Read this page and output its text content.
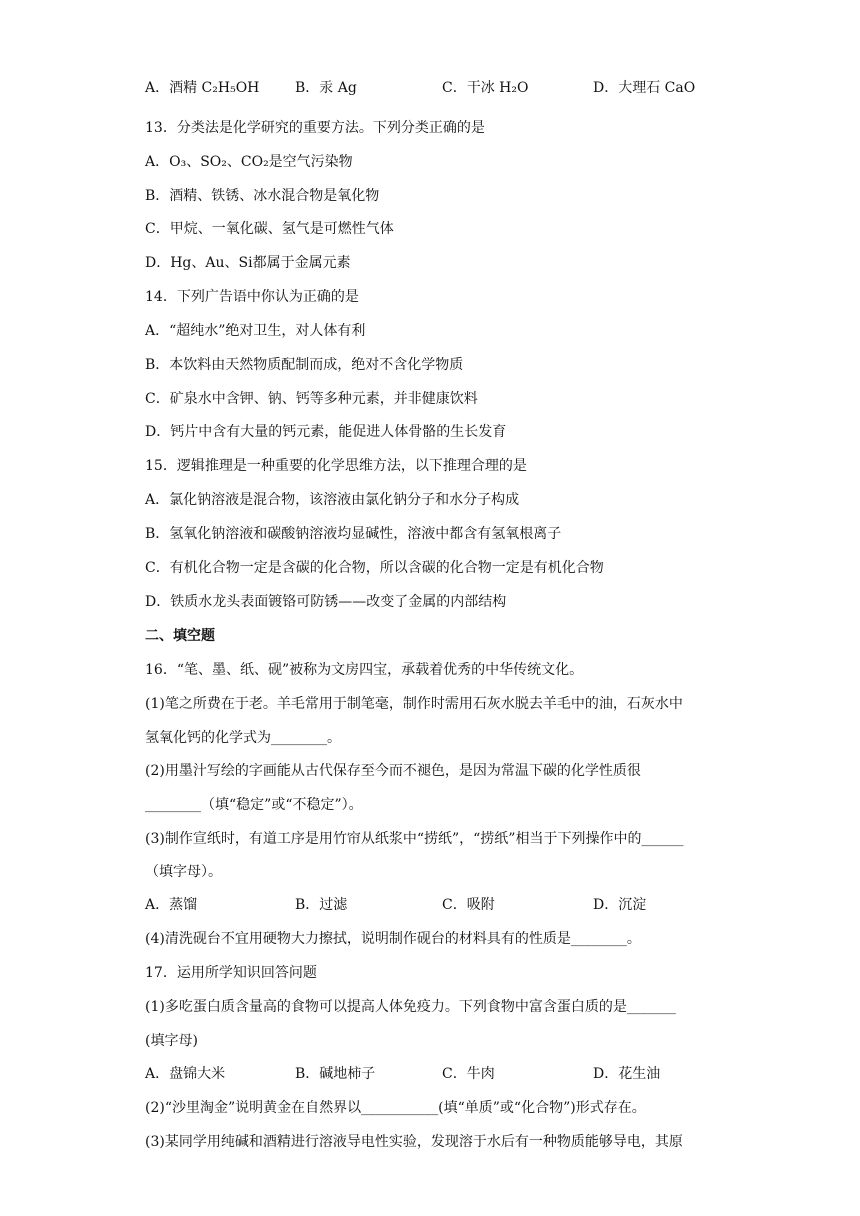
A．酒精 C₂H₅OH	B．汞 Ag	C．干冰 H₂O	D．大理石 CaO
13．分类法是化学研究的重要方法。下列分类正确的是
A．O₃、SO₂、CO₂是空气污染物
B．酒精、铁锈、冰水混合物是氧化物
C．甲烷、一氧化碳、氢气是可燃性气体
D．Hg、Au、Si都属于金属元素
14．下列广告语中你认为正确的是
A．“超纯水”绝对卫生，对人体有利
B．本饮料由天然物质配制而成，绝对不含化学物质
C．矿泉水中含钾、钠、钙等多种元素，并非健康饮料
D．钙片中含有大量的钙元素，能促进人体骨骼的生长发育
15．逻辑推理是一种重要的化学思维方法，以下推理合理的是
A．氯化钠溶液是混合物，该溶液由氯化钠分子和水分子构成
B．氢氧化钠溶液和碳酸钠溶液均显碱性，溶液中都含有氢氧根离子
C．有机化合物一定是含碳的化合物，所以含碳的化合物一定是有机化合物
D．铁质水龙头表面镀铬可防锈——改变了金属的内部结构
二、填空题
16．“笔、墨、纸、砚”被称为文房四宝，承载着优秀的中华传统文化。
(1)笔之所费在于老。羊毛常用于制笔毫，制作时需用石灰水脱去羊毛中的油，石灰水中
氢氧化钙的化学式为________。
(2)用墨汁写绘的字画能从古代保存至今而不褪色，是因为常温下碳的化学性质很
________（填“稳定”或“不稳定”）。
(3)制作宣纸时，有道工序是用竹帘从纸浆中“捞纸”，“捞纸”相当于下列操作中的______
（填字母）。
A．蒸馏	B．过滤	C．吸附	D．沉淀
(4)清洗砚台不宜用硬物大力擦拭，说明制作砚台的材料具有的性质是________。
17．运用所学知识回答问题
(1)多吃蛋白质含量高的食物可以提高人体免疫力。下列食物中富含蛋白质的是_______
(填字母)
A．盘锦大米	B．碱地柿子	C．牛肉	D．花生油
(2)“沙里淘金”说明黄金在自然界以___________(填“单质”或“化合物”)形式存在。
(3)某同学用纯碱和酒精进行溶液导电性实验，发现溶于水后有一种物质能够导电，其原
